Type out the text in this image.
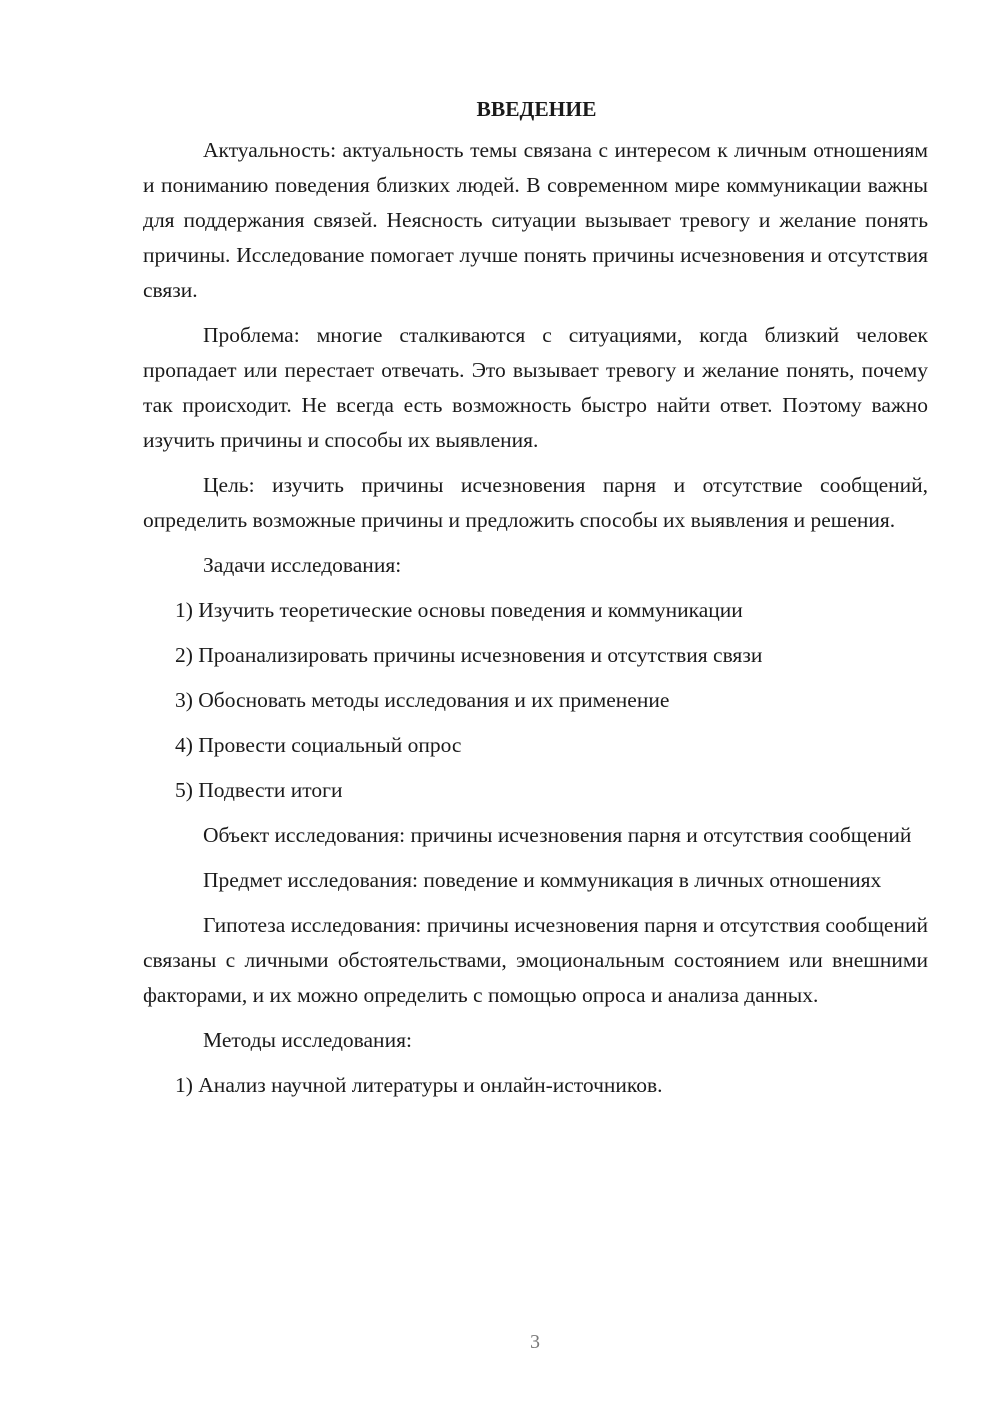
ВВЕДЕНИЕ

Актуальность: актуальность темы связана с интересом к личным отношениям и пониманию поведения близких людей. В современном мире коммуникации важны для поддержания связей. Неясность ситуации вызывает тревогу и желание понять причины. Исследование помогает лучше понять причины исчезновения и отсутствия связи.

Проблема: многие сталкиваются с ситуациями, когда близкий человек пропадает или перестает отвечать. Это вызывает тревогу и желание понять, почему так происходит. Не всегда есть возможность быстро найти ответ. Поэтому важно изучить причины и способы их выявления.

Цель: изучить причины исчезновения парня и отсутствие сообщений, определить возможные причины и предложить способы их выявления и решения.

Задачи исследования:

1) Изучить теоретические основы поведения и коммуникации
2) Проанализировать причины исчезновения и отсутствия связи
3) Обосновать методы исследования и их применение
4) Провести социальный опрос
5) Подвести итоги

Объект исследования: причины исчезновения парня и отсутствия сообщений

Предмет исследования: поведение и коммуникация в личных отношениях

Гипотеза исследования: причины исчезновения парня и отсутствия сообщений связаны с личными обстоятельствами, эмоциональным состоянием или внешними факторами, и их можно определить с помощью опроса и анализа данных.

Методы исследования:

1) Анализ научной литературы и онлайн-источников.
3
